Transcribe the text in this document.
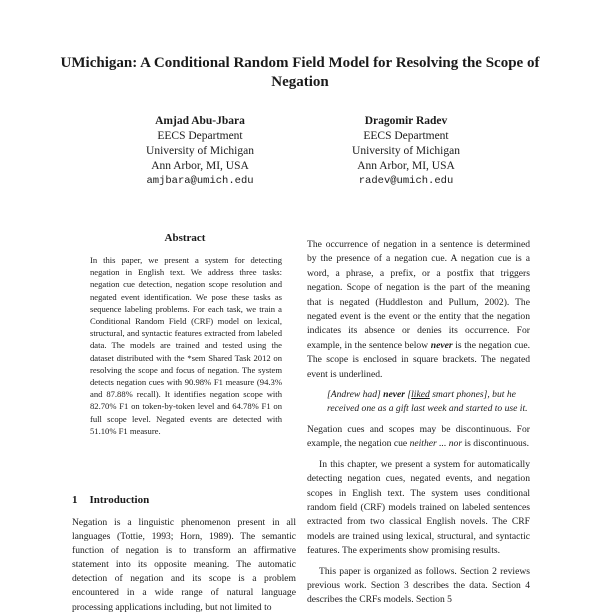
UMichigan: A Conditional Random Field Model for Resolving the Scope of Negation
Amjad Abu-Jbara
EECS Department
University of Michigan
Ann Arbor, MI, USA
amjbara@umich.edu
Dragomir Radev
EECS Department
University of Michigan
Ann Arbor, MI, USA
radev@umich.edu
Abstract
In this paper, we present a system for detecting negation in English text. We address three tasks: negation cue detection, negation scope resolution and negated event identification. We pose these tasks as sequence labeling problems. For each task, we train a Conditional Random Field (CRF) model on lexical, structural, and syntactic features extracted from labeled data. The models are trained and tested using the dataset distributed with the *sem Shared Task 2012 on resolving the scope and focus of negation. The system detects negation cues with 90.98% F1 measure (94.3% and 87.88% recall). It identifies negation scope with 82.70% F1 on token-by-token level and 64.78% F1 on full scope level. Negated events are detected with 51.10% F1 measure.
1 Introduction
Negation is a linguistic phenomenon present in all languages (Tottie, 1993; Horn, 1989). The semantic function of negation is to transform an affirmative statement into its opposite meaning. The automatic detection of negation and its scope is a problem encountered in a wide range of natural language processing applications including, but not limited to

The occurrence of negation in a sentence is determined by the presence of a negation cue. A negation cue is a word, a phrase, a prefix, or a postfix that triggers negation. Scope of negation is the part of the meaning that is negated (Huddleston and Pullum, 2002). The negated event is the event or the entity that the negation indicates its absence or denies its occurrence. For example, in the sentence below never is the negation cue. The scope is enclosed in square brackets. The negated event is underlined.

[Andrew had] never [liked smart phones], but he received one as a gift last week and started to use it.

Negation cues and scopes may be discontinuous. For example, the negation cue neither ... nor is discontinuous.

In this chapter, we present a system for automatically detecting negation cues, negated events, and negation scopes in English text. The system uses conditional random field (CRF) models trained on labeled sentences extracted from two classical English novels. The CRF models are trained using lexical, structural, and syntactic features. The experiments show promising results.

This paper is organized as follows. Section 2 reviews previous work. Section 3 describes the data. Section 4 describes the CRFs models. Section 5
